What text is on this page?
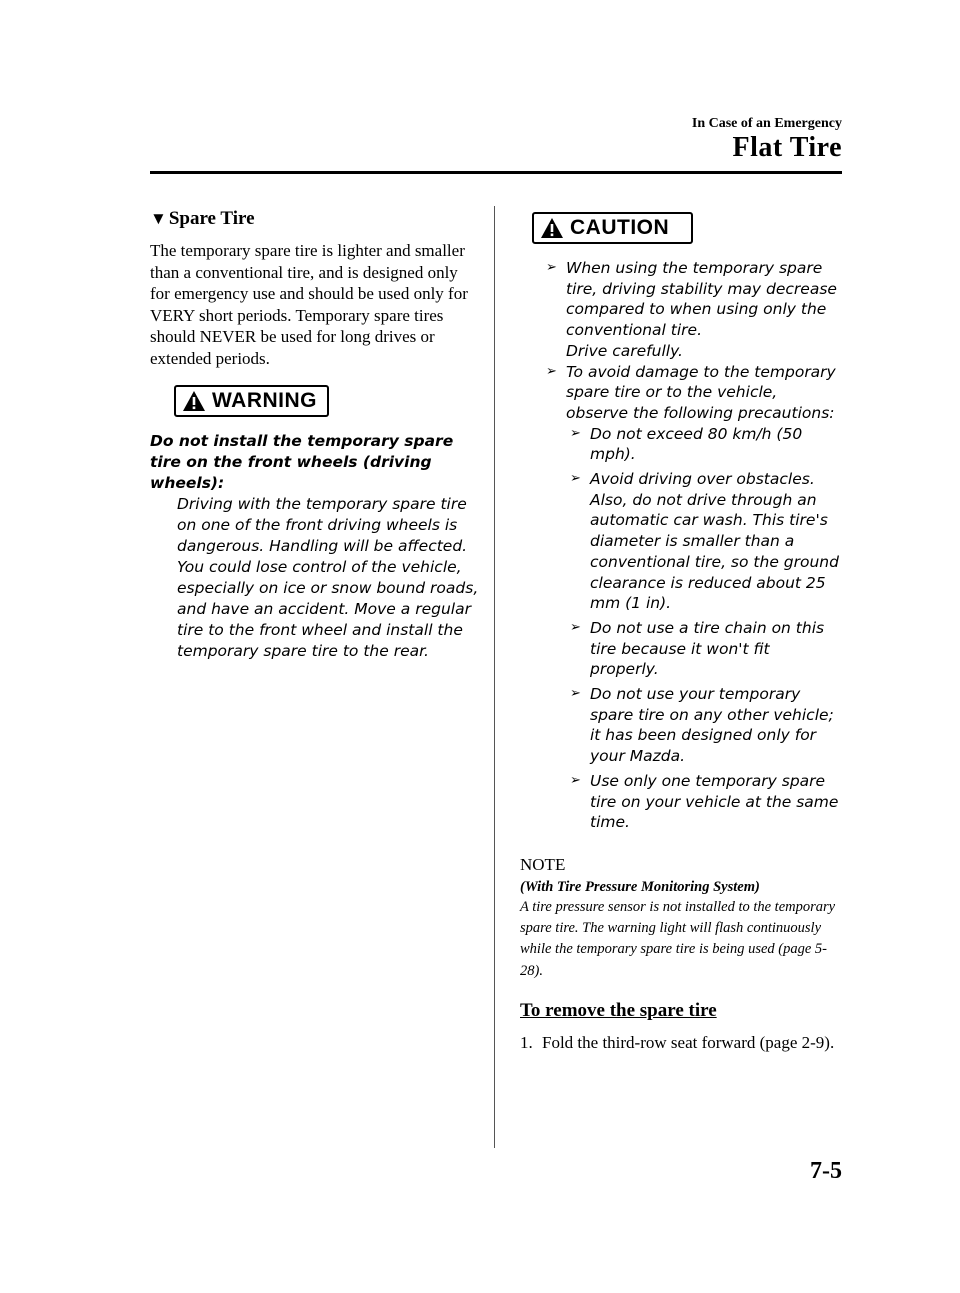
In Case of an Emergency
Flat Tire
▼ Spare Tire

The temporary spare tire is lighter and smaller than a conventional tire, and is designed only for emergency use and should be used only for VERY short periods. Temporary spare tires should NEVER be used for long drives or extended periods.

WARNING

Do not install the temporary spare tire on the front wheels (driving wheels):

Driving with the temporary spare tire on one of the front driving wheels is dangerous. Handling will be affected. You could lose control of the vehicle, especially on ice or snow bound roads, and have an accident. Move a regular tire to the front wheel and install the temporary spare tire to the rear.

CAUTION
➢ When using the temporary spare tire, driving stability may decrease compared to when using only the conventional tire.
Drive carefully.
➢ To avoid damage to the temporary spare tire or to the vehicle, observe the following precautions:
➢ Do not exceed 80 km/h (50 mph).
➢ Avoid driving over obstacles. Also, do not drive through an automatic car wash. This tire's diameter is smaller than a conventional tire, so the ground clearance is reduced about 25 mm (1 in).
➢ Do not use a tire chain on this tire because it won't fit properly.
➢ Do not use your temporary spare tire on any other vehicle; it has been designed only for your Mazda.
➢ Use only one temporary spare tire on your vehicle at the same time.
NOTE

(With Tire Pressure Monitoring System)

A tire pressure sensor is not installed to the temporary spare tire. The warning light will flash continuously while the temporary spare tire is being used (page 5-28).

To remove the spare tire

1. Fold the third-row seat forward (page 2-9).

7-5
